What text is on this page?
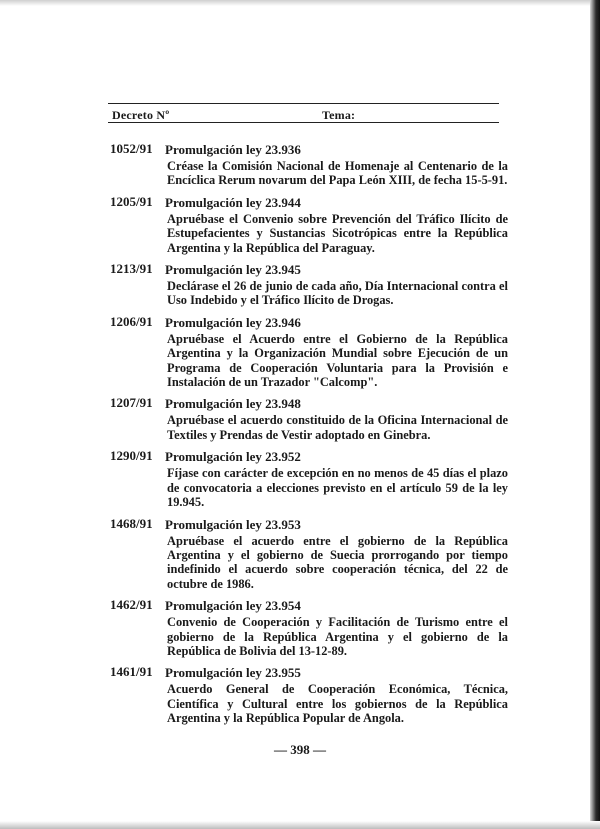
Decreto Nº	Tema:
1052/91 Promulgación ley 23.936
Créase la Comisión Nacional de Homenaje al Centenario de la Encíclica Rerum novarum del Papa León XIII, de fecha 15-5-91.
1205/91 Promulgación ley 23.944
Apruébase el Convenio sobre Prevención del Tráfico Ilícito de Estupefacientes y Sustancias Sicotrópicas entre la República Argentina y la República del Paraguay.
1213/91 Promulgación ley 23.945
Declárase el 26 de junio de cada año, Día Internacional contra el Uso Indebido y el Tráfico Ilícito de Drogas.
1206/91 Promulgación ley 23.946
Apruébase el Acuerdo entre el Gobierno de la República Argentina y la Organización Mundial sobre Ejecución de un Programa de Cooperación Voluntaria para la Provisión e Instalación de un Trazador "Calcomp".
1207/91 Promulgación ley 23.948
Apruébase el acuerdo constituido de la Oficina Internacional de Textiles y Prendas de Vestir adoptado en Ginebra.
1290/91 Promulgación ley 23.952
Fíjase con carácter de excepción en no menos de 45 días el plazo de convocatoria a elecciones previsto en el artículo 59 de la ley 19.945.
1468/91 Promulgación ley 23.953
Apruébase el acuerdo entre el gobierno de la República Argentina y el gobierno de Suecia prorrogando por tiempo indefinido el acuerdo sobre cooperación técnica, del 22 de octubre de 1986.
1462/91 Promulgación ley 23.954
Convenio de Cooperación y Facilitación de Turismo entre el gobierno de la República Argentina y el gobierno de la República de Bolivia del 13-12-89.
1461/91 Promulgación ley 23.955
Acuerdo General de Cooperación Económica, Técnica, Científica y Cultural entre los gobiernos de la República Argentina y la República Popular de Angola.
— 398 —
